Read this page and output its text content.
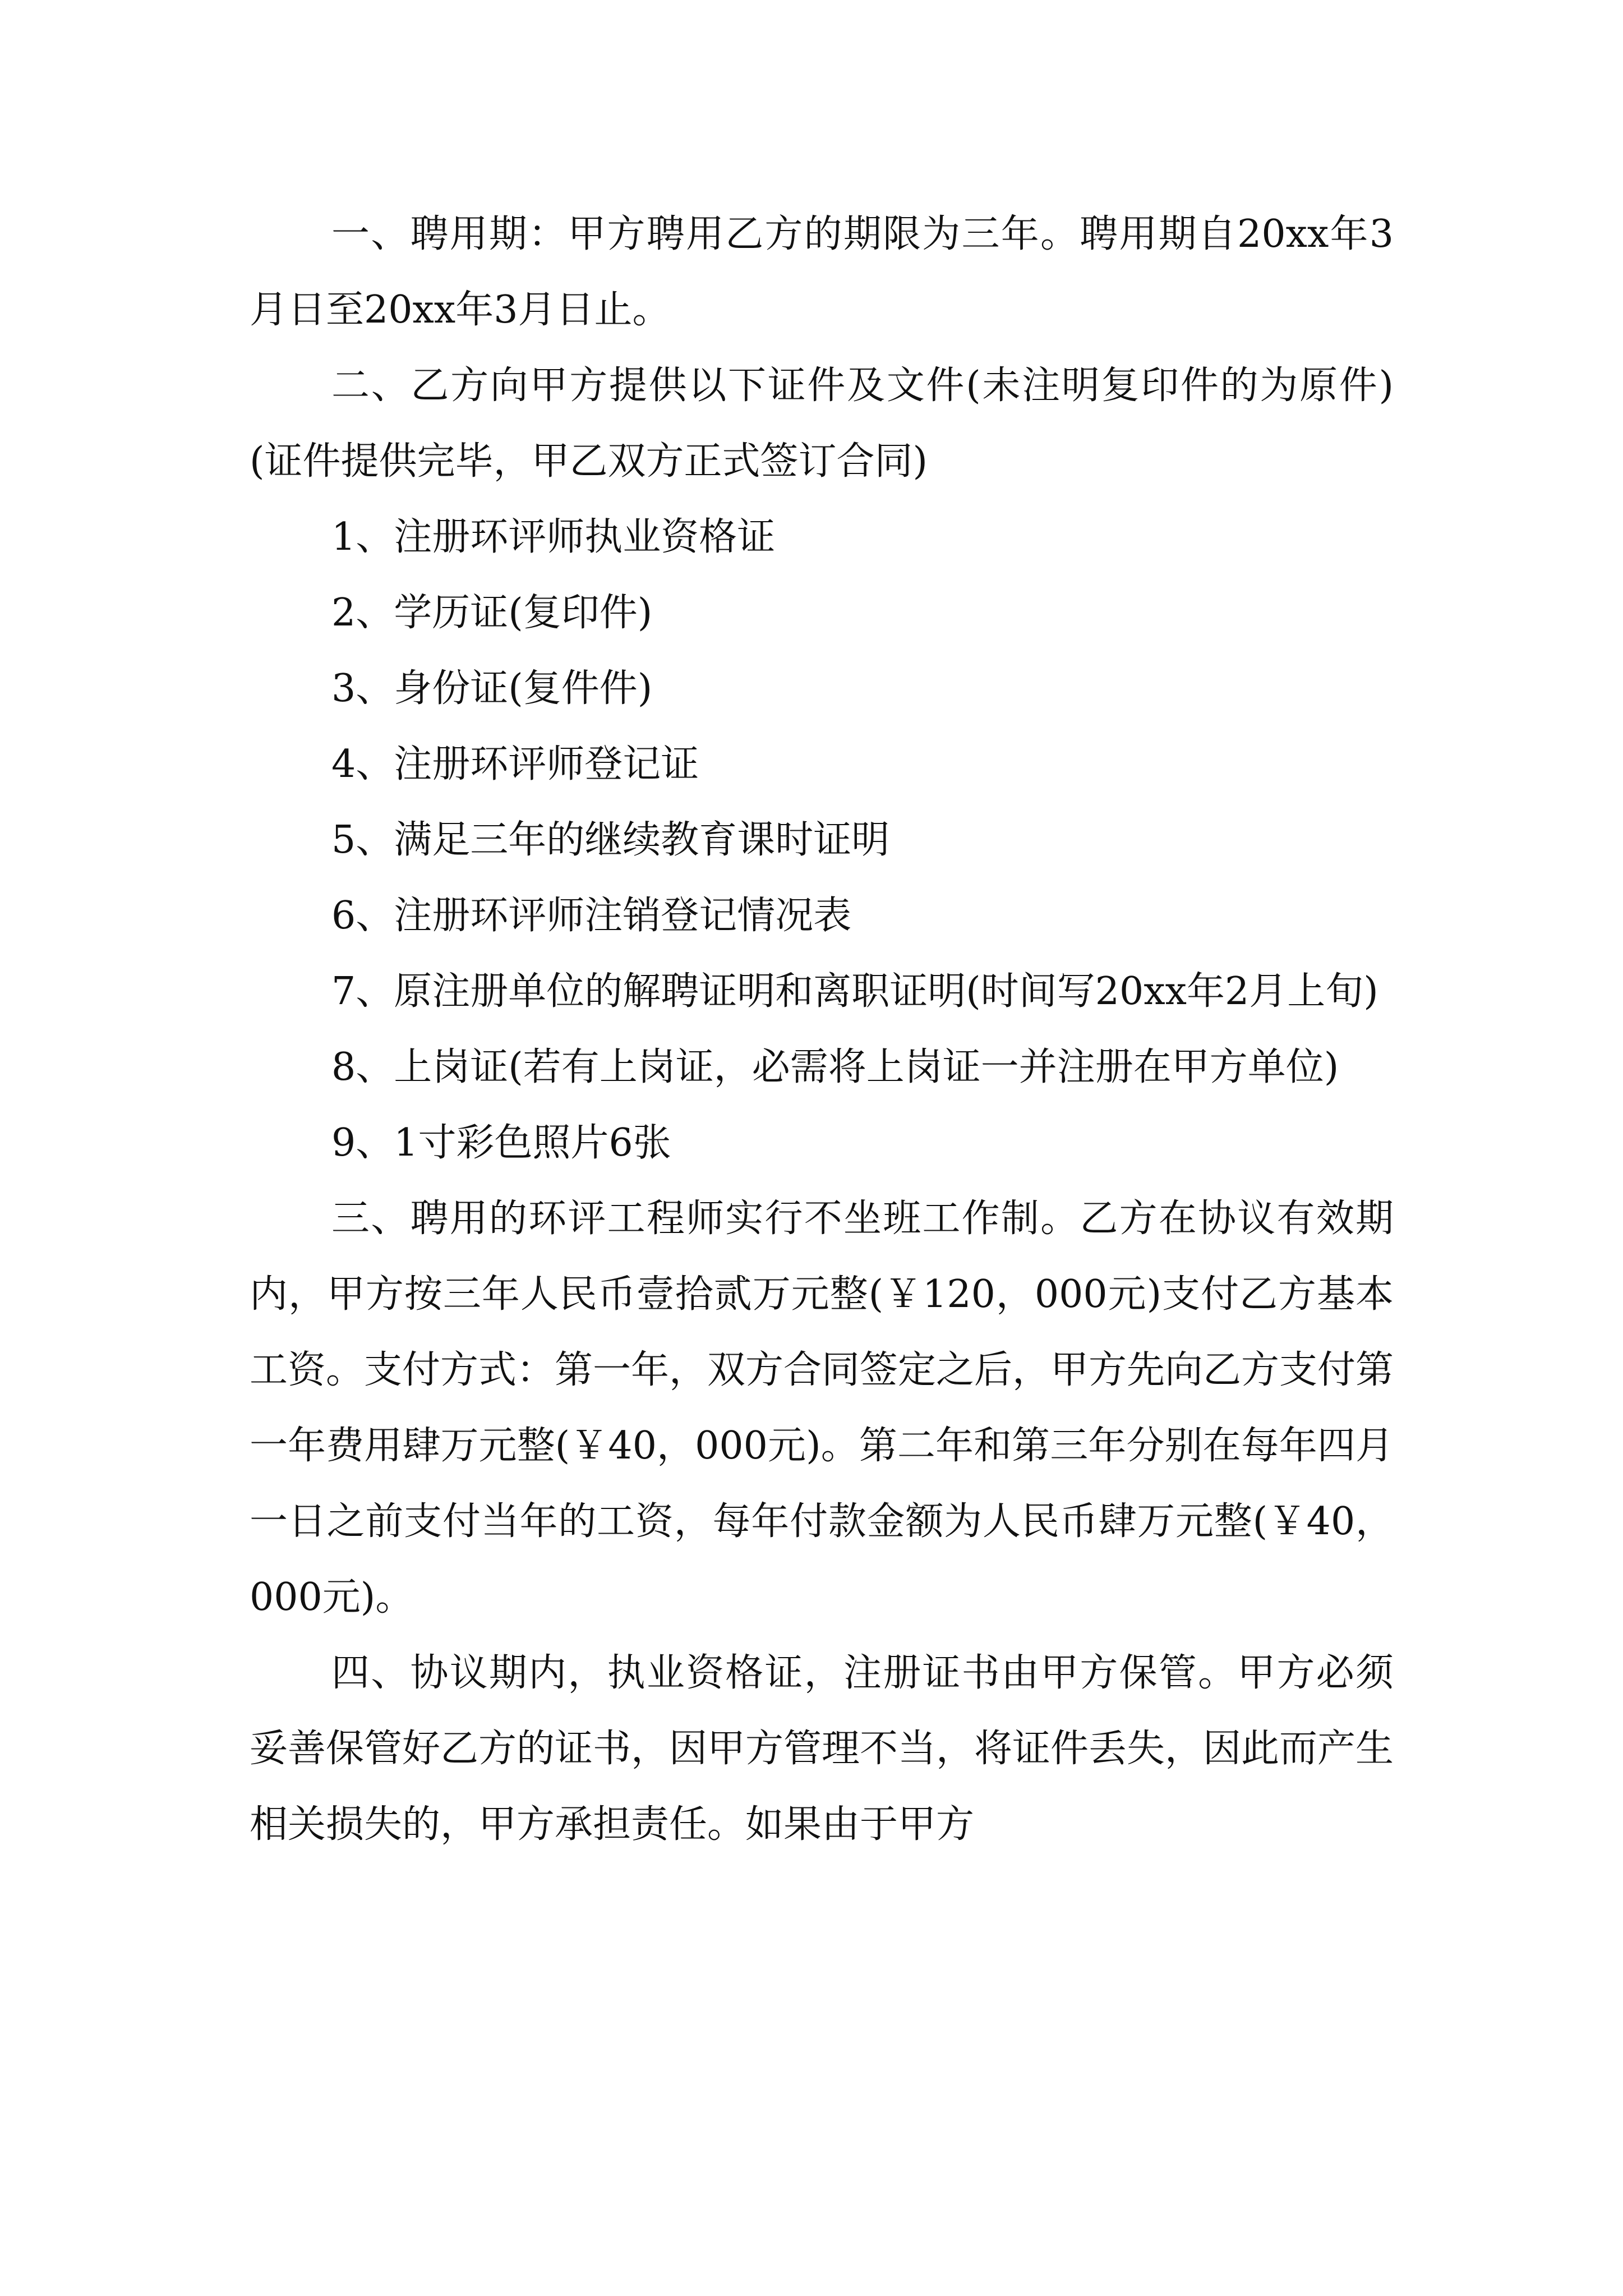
一、聘用期：甲方聘用乙方的期限为三年。聘用期自20xx年3月日至20xx年3月日止。

二、乙方向甲方提供以下证件及文件(未注明复印件的为原件)(证件提供完毕，甲乙双方正式签订合同)

1、注册环评师执业资格证

2、学历证(复印件)

3、身份证(复件件)

4、注册环评师登记证

5、满足三年的继续教育课时证明

6、注册环评师注销登记情况表

7、原注册单位的解聘证明和离职证明(时间写20xx年2月上旬)

8、上岗证(若有上岗证，必需将上岗证一并注册在甲方单位)

9、1寸彩色照片6张

三、聘用的环评工程师实行不坐班工作制。乙方在协议有效期内，甲方按三年人民币壹拾贰万元整(￥120，000元)支付乙方基本工资。支付方式：第一年，双方合同签定之后，甲方先向乙方支付第一年费用肆万元整(￥40，000元)。第二年和第三年分别在每年四月一日之前支付当年的工资，每年付款金额为人民币肆万元整(￥40，000元)。

四、协议期内，执业资格证，注册证书由甲方保管。甲方必须妥善保管好乙方的证书，因甲方管理不当，将证件丢失，因此而产生相关损失的，甲方承担责任。如果由于甲方
